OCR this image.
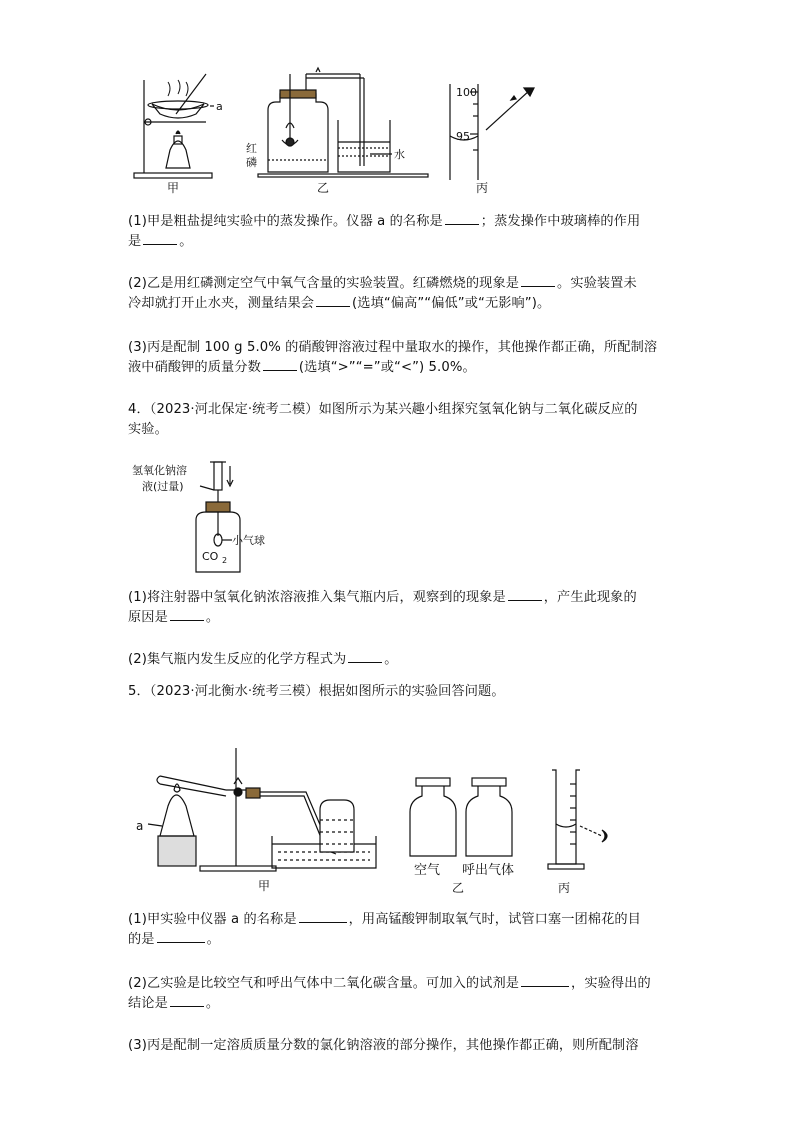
a
甲
红
磷
水
乙
100
95
丙

(1)甲是粗盐提纯实验中的蒸发操作。仪器 a 的名称是	；蒸发操作中玻璃棒的作用
是	。

(2)乙是用红磷测定空气中氧气含量的实验装置。红磷燃烧的现象是	。实验装置未
冷却就打开止水夹，测量结果会	(选填“偏高”“偏低”或“无影响”)。

(3)丙是配制 100 g 5.0% 的硝酸钾溶液过程中量取水的操作，其他操作都正确，所配制溶
液中硝酸钾的质量分数	(选填“>”“=”或“<”) 5.0%。

4．（2023·河北保定·统考二模）如图所示为某兴趣小组探究氢氧化钠与二氧化碳反应的
实验。

氢氧化钠溶
液(过量)
小气球
CO 2

(1)将注射器中氢氧化钠浓溶液推入集气瓶内后，观察到的现象是	，产生此现象的
原因是	。

(2)集气瓶内发生反应的化学方程式为	。

5．（2023·河北衡水·统考三模）根据如图所示的实验回答问题。

a
甲
空气 呼出气体
乙	丙

(1)甲实验中仪器 a 的名称是	，用高锰酸钾制取氧气时，试管口塞一团棉花的目
的是	。

(2)乙实验是比较空气和呼出气体中二氧化碳含量。可加入的试剂是	，实验得出的
结论是	。

(3)丙是配制一定溶质质量分数的氯化钠溶液的部分操作，其他操作都正确，则所配制溶
